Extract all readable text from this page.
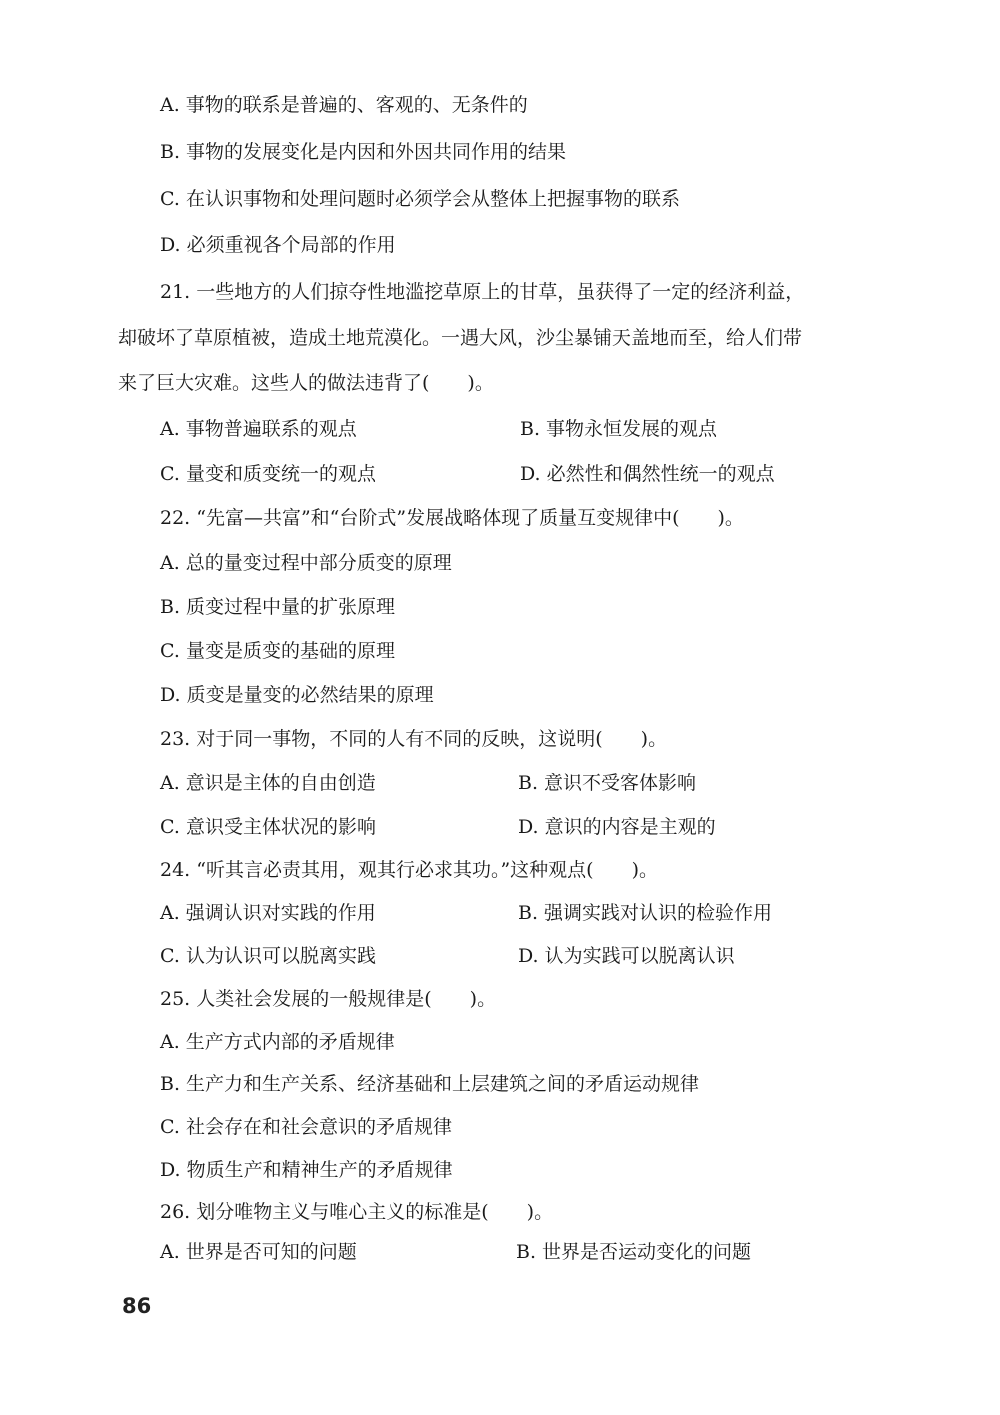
A. 事物的联系是普遍的、客观的、无条件的
B. 事物的发展变化是内因和外因共同作用的结果
C. 在认识事物和处理问题时必须学会从整体上把握事物的联系
D. 必须重视各个局部的作用
21. 一些地方的人们掠夺性地滥挖草原上的甘草，虽获得了一定的经济利益，
却破坏了草原植被，造成土地荒漠化。一遇大风，沙尘暴铺天盖地而至，给人们带
来了巨大灾难。这些人的做法违背了(　　)。
A. 事物普遍联系的观点	B. 事物永恒发展的观点
C. 量变和质变统一的观点	D. 必然性和偶然性统一的观点
22. “先富—共富”和“台阶式”发展战略体现了质量互变规律中(　　)。
A. 总的量变过程中部分质变的原理
B. 质变过程中量的扩张原理
C. 量变是质变的基础的原理
D. 质变是量变的必然结果的原理
23. 对于同一事物，不同的人有不同的反映，这说明(　　)。
A. 意识是主体的自由创造	B. 意识不受客体影响
C. 意识受主体状况的影响	D. 意识的内容是主观的
24. “听其言必责其用，观其行必求其功。”这种观点(　　)。
A. 强调认识对实践的作用	B. 强调实践对认识的检验作用
C. 认为认识可以脱离实践	D. 认为实践可以脱离认识
25. 人类社会发展的一般规律是(　　)。
A. 生产方式内部的矛盾规律
B. 生产力和生产关系、经济基础和上层建筑之间的矛盾运动规律
C. 社会存在和社会意识的矛盾规律
D. 物质生产和精神生产的矛盾规律
26. 划分唯物主义与唯心主义的标准是(　　)。
A. 世界是否可知的问题	B. 世界是否运动变化的问题
86
